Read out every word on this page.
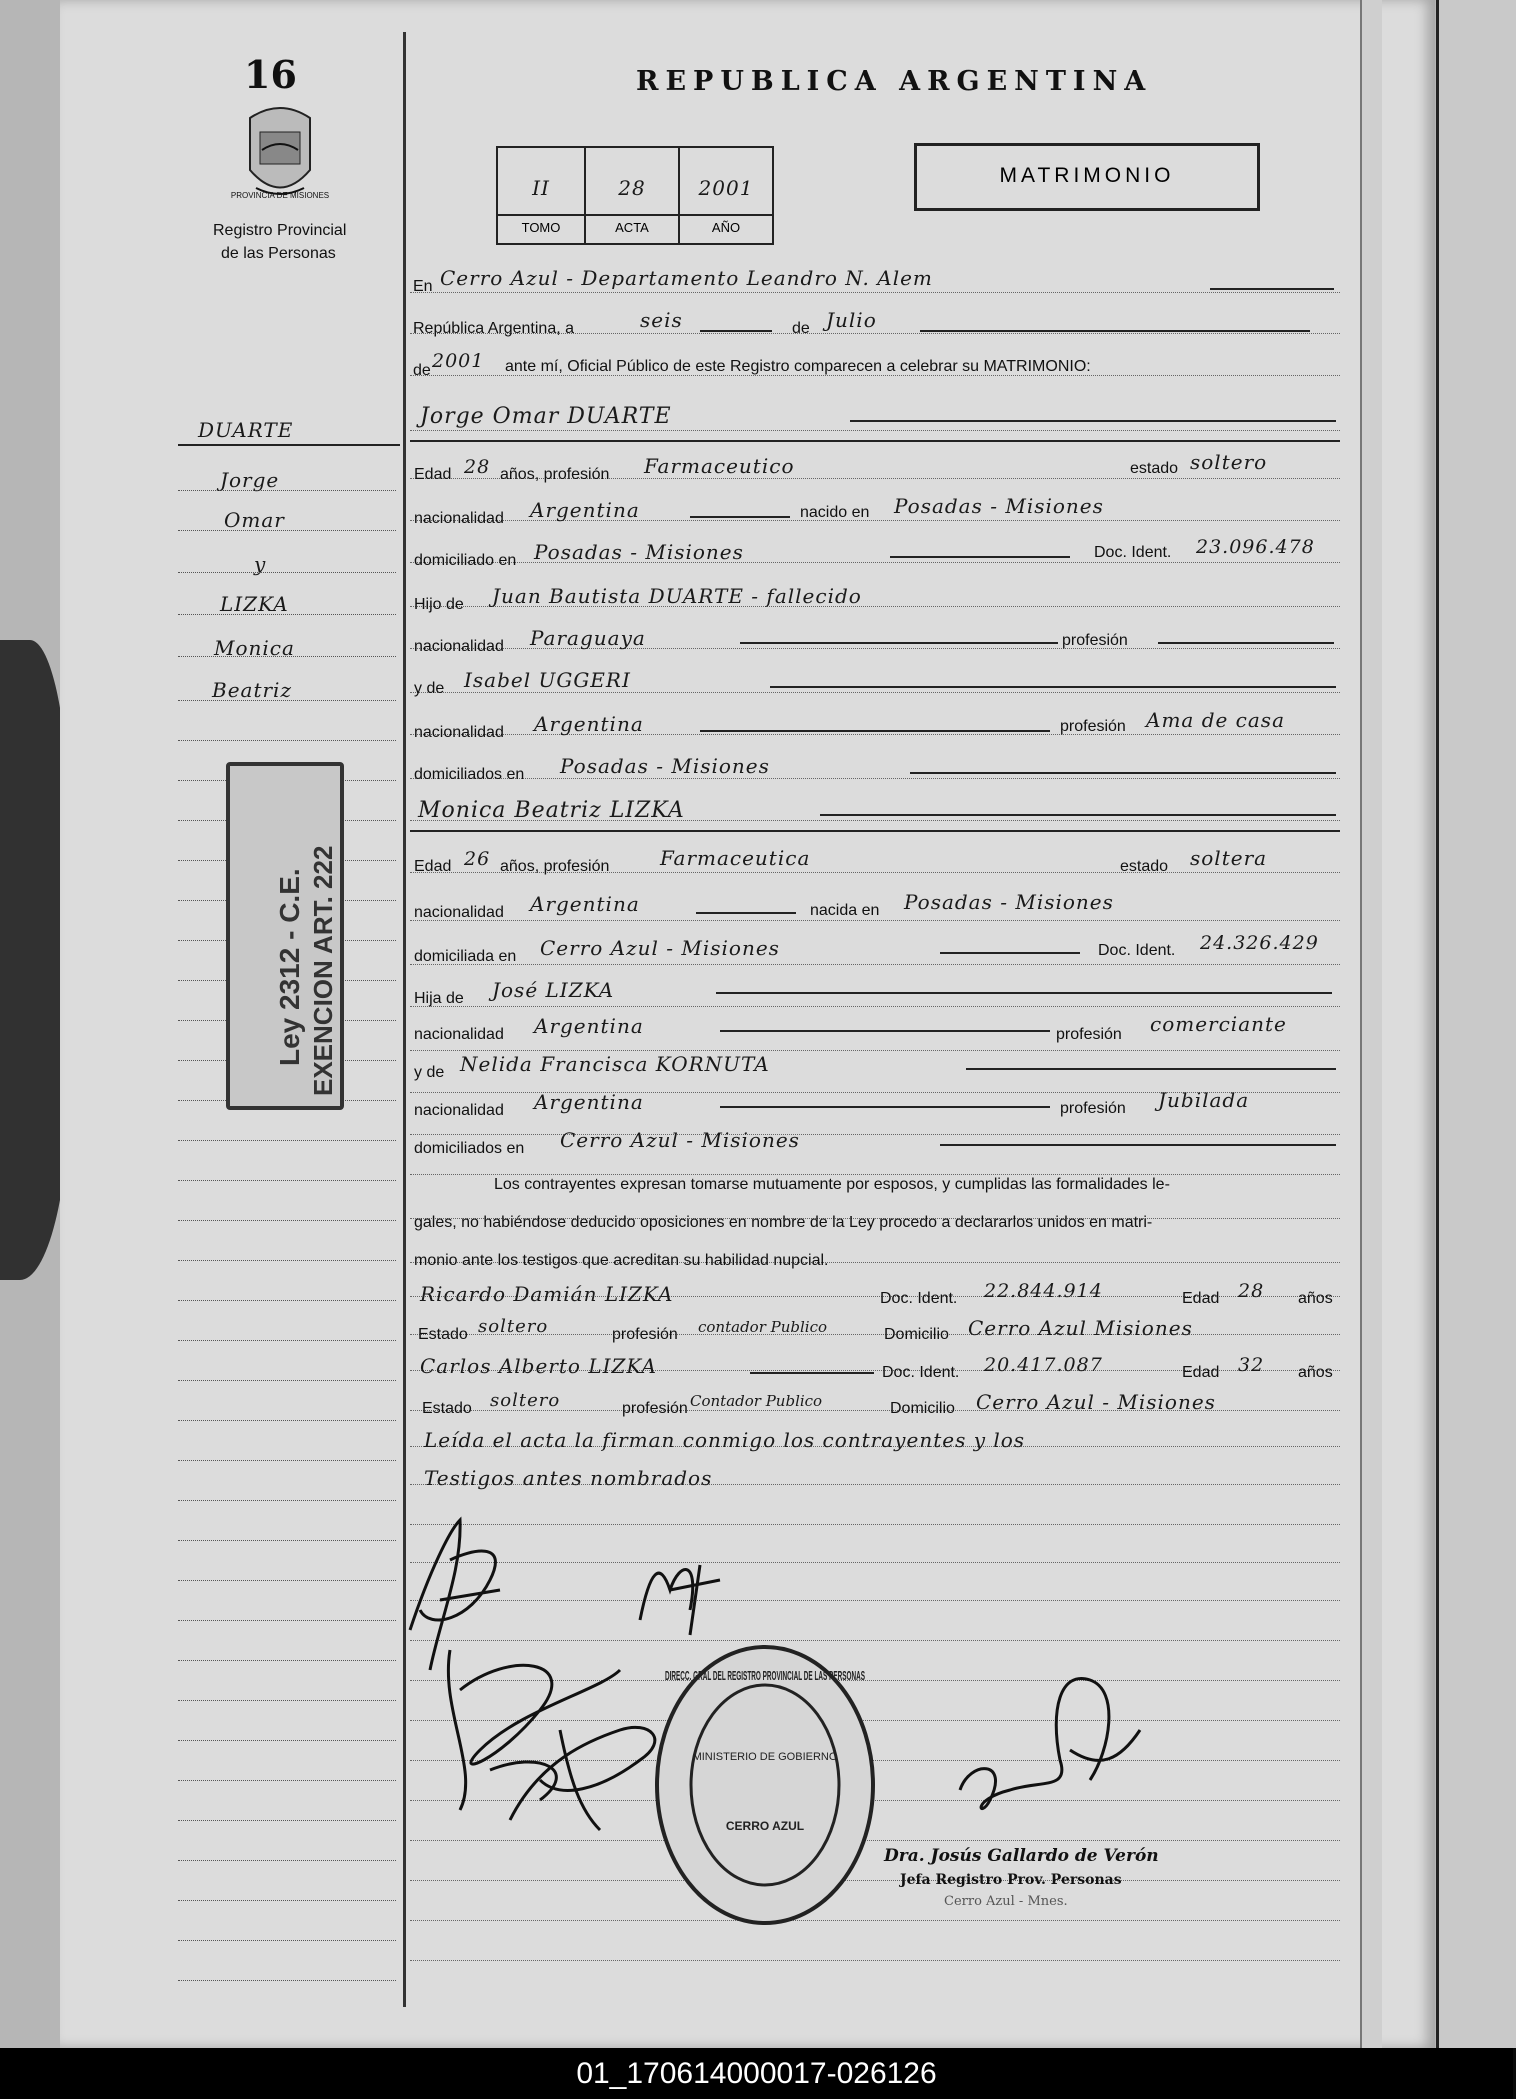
16
PROVINCIA DE MISIONES
Registro Provincial
de las Personas
DUARTE
Jorge
Omar
y
LIZKA
Monica
Beatriz
Ley 2312 - C.E. EXENCION ART. 222
REPUBLICA ARGENTINA
II	28	2001
TOMO	ACTA	AÑO
MATRIMONIO
En Cerro Azul - Departamento Leandro N. Alem
República Argentina, a	seis	de Julio
de 2001 ante mí, Oficial Público de este Registro comparecen a celebrar su MATRIMONIO:
Jorge Omar DUARTE
Edad 28 años, profesión Farmaceutico	estado soltero
nacionalidad Argentina	nacido en Posadas - Misiones
domiciliado en Posadas - Misiones	Doc. Ident. 23.096.478
Hijo de Juan Bautista DUARTE - fallecido
nacionalidad Paraguaya	profesión
y de Isabel UGGERI
nacionalidad Argentina	profesión Ama de casa
domiciliados en Posadas - Misiones
Monica Beatriz LIZKA
Edad 26 años, profesión	Farmaceutica	estado soltera
nacionalidad Argentina	nacida en Posadas - Misiones
domiciliada en Cerro Azul - Misiones	Doc. Ident. 24.326.429
Hija de José LIZKA
nacionalidad Argentina	profesión comerciante
y de Nelida Francisca KORNUTA
nacionalidad Argentina	profesión Jubilada
domiciliados en Cerro Azul - Misiones
Los contrayentes expresan tomarse mutuamente por esposos, y cumplidas las formalidades le-
gales, no habiéndose deducido oposiciones en nombre de la Ley procedo a declararlos unidos en matri-
monio ante los testigos que acreditan su habilidad nupcial.
Ricardo Damián LIZKA	Doc. Ident. 22.844.914	Edad 28 años
Estado soltero	profesión contador Publico	Domicilio Cerro Azul Misiones
Carlos Alberto LIZKA	Doc. Ident. 20.417.087	Edad 32 años
Estado soltero	profesión Contador Publico	Domicilio Cerro Azul - Misiones
Leída el acta la firman conmigo los contrayentes y los
Testigos antes nombrados
DIRECC. GRAL DEL REGISTRO PROVINCIAL DE LAS PERSONAS
MINISTERIO DE GOBIERNO
CERRO AZUL
Dra. Josús Gallardo de Verón
Jefa Registro Prov. Personas
Cerro Azul - Mnes.
01_170614000017-026126
